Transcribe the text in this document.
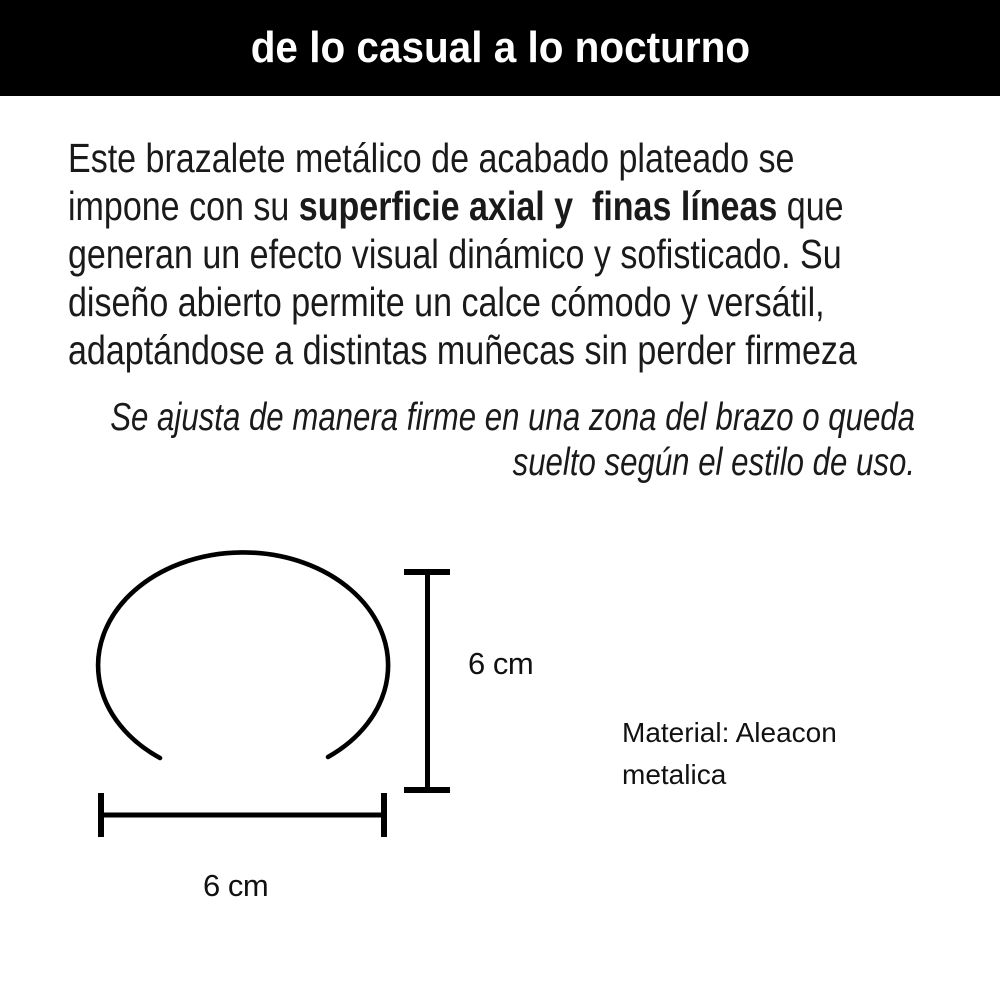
de lo casual a lo nocturno
Este brazalete metálico de acabado plateado se
impone con su superficie axial y  finas líneas que
generan un efecto visual dinámico y sofisticado. Su
diseño abierto permite un calce cómodo y versátil,
adaptándose a distintas muñecas sin perder firmeza
Se ajusta de manera firme en una zona del brazo o queda
suelto según el estilo de uso.
6 cm
6 cm
Material: Aleacon
metalica
